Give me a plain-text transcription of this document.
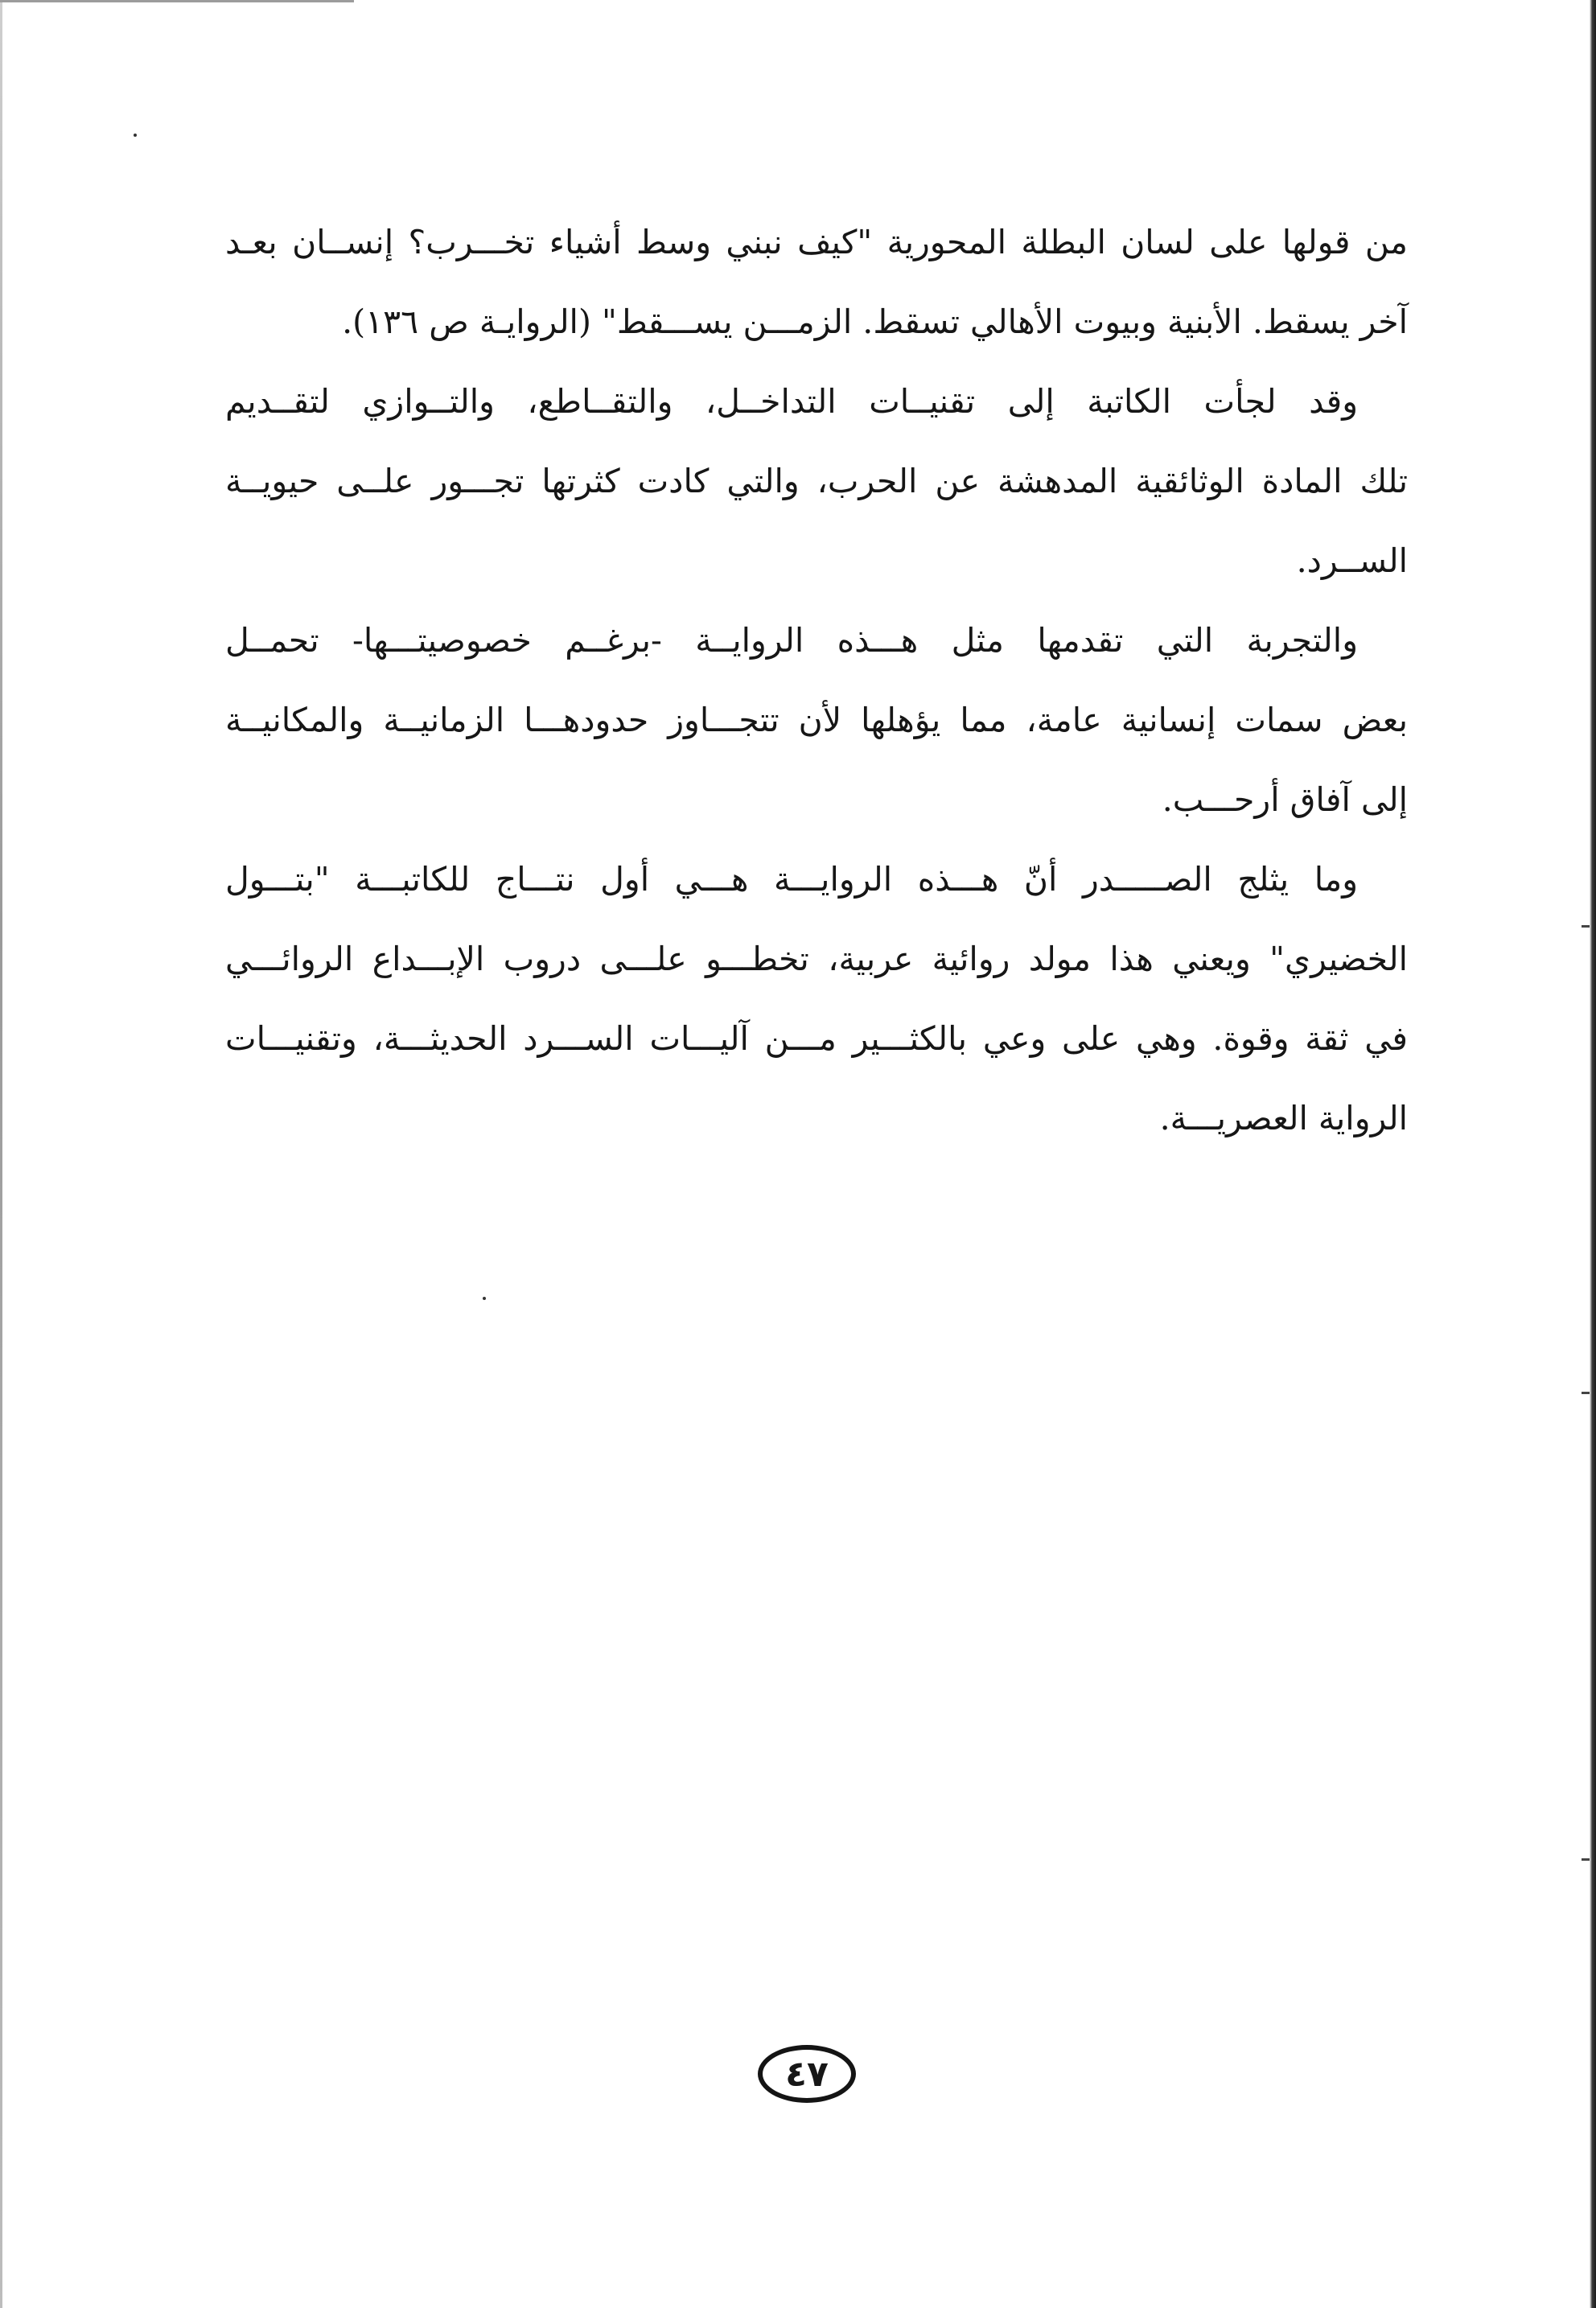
من قولها على لسان البطلة المحورية "كيف نبني وسط أشياء تخـــرب؟ إنســان بعـد
آخر يسقط. الأبنية وبيوت الأهالي تسقط. الزمـــن يســـقط" (الروايـة ص ١٣٦).

وقد لجأت الكاتبة إلى تقنيــات التداخــل، والتقــاطع، والتــوازي لتقــديم
تلك المادة الوثائقية المدهشة عن الحرب، والتي كادت كثرتها تجـــور علــى حيويــة
الســرد.

والتجربة التي تقدمها مثل هـــذه الروايــة -برغــم خصوصيتـــها- تحمــل
بعض سمات إنسانية عامة، مما يؤهلها لأن تتجـــاوز حدودهـــا الزمانيــة والمكانيــة
إلى آفاق أرحـــب.

وما يثلج الصـــــدر أنّ هـــذه الروايـــة هـــي أول نتـــاج للكاتبـــة "بتـــول
الخضيري" ويعني هذا مولد روائية عربية، تخطـــو علـــى دروب الإبـــداع الروائـــي
في ثقة وقوة. وهي على وعي بالكثـــير مـــن آليـــات الســـرد الحديثـــة، وتقنيـــات
الرواية العصريـــة.

٤٧
